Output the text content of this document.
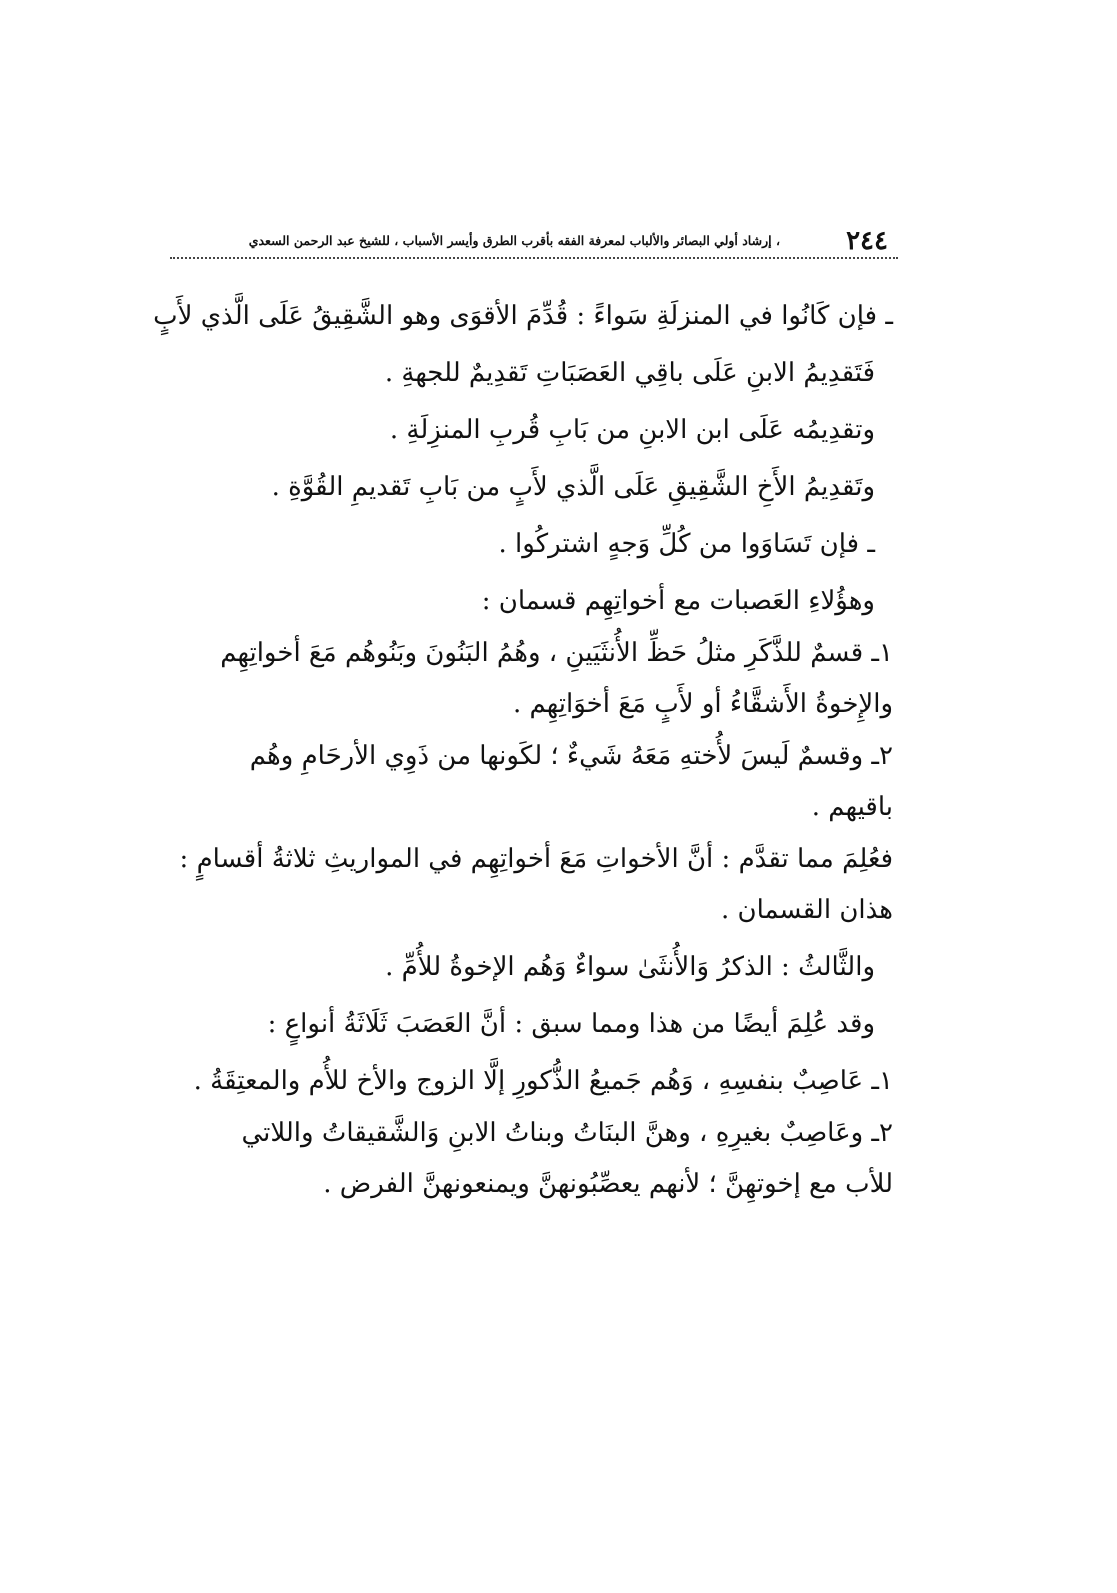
٢٤٤
، إرشاد أولي البصائر والألباب لمعرفة الفقه بأقرب الطرق وأيسر الأسباب ، للشيخ عبد الرحمن السعدي
ـ فإن كَانُوا في المنزلَةِ سَواءً : قُدِّمَ الأقوَى وهو الشَّقِيقُ عَلَى الَّذي لأَبٍ
فَتَقدِيمُ الابنِ عَلَى باقِي العَصَبَاتِ تَقدِيمٌ للجهةِ .
وتقدِيمُه عَلَى ابن الابنِ من بَابِ قُربِ المنزِلَةِ .
وتَقدِيمُ الأَخِ الشَّقِيقِ عَلَى الَّذي لأَبٍ من بَابِ تَقديمِ القُوَّةِ .
ـ فإن تَسَاوَوا من كُلِّ وَجهٍ اشتركُوا .
وهؤُلاءِ العَصبات مع أخواتِهِم قسمان :
١ـ قسمٌ للذَّكَرِ مثلُ حَظِّ الأُنثَيَينِ ، وهُمُ البَنُونَ وبَنُوهُم مَعَ أخواتِهِم
والإِخوةُ الأَشقَّاءُ أو لأَبٍ مَعَ أخوَاتِهِم .
٢ـ وقسمٌ لَيسَ لأُختهِ مَعَهُ شَيءٌ ؛ لكَونها من ذَوِي الأرحَامِ وهُم
باقيهم .
فعُلِمَ مما تقدَّم : أنَّ الأخواتِ مَعَ أخواتِهِم في المواريثِ ثلاثةُ أقسامٍ :
هذان القسمان .
والثَّالثُ : الذكرُ وَالأُنثَىٰ سواءٌ وَهُم الإخوةُ للأُمِّ .
وقد عُلِمَ أيضًا من هذا ومما سبق : أنَّ العَصَبَ ثَلَاثَةُ أنواعٍ :
١ـ عَاصِبٌ بنفسِهِ ، وَهُم جَميعُ الذُّكورِ إلَّا الزوج والأخ للأُم والمعتِقَةُ .
٢ـ وعَاصِبٌ بغيرِهِ ، وهنَّ البنَاتُ وبناتُ الابنِ وَالشَّقيقاتُ واللاتي
للأب مع إخوتهِنَّ ؛ لأنهم يعصِّبُونهنَّ ويمنعونهنَّ الفرض .
